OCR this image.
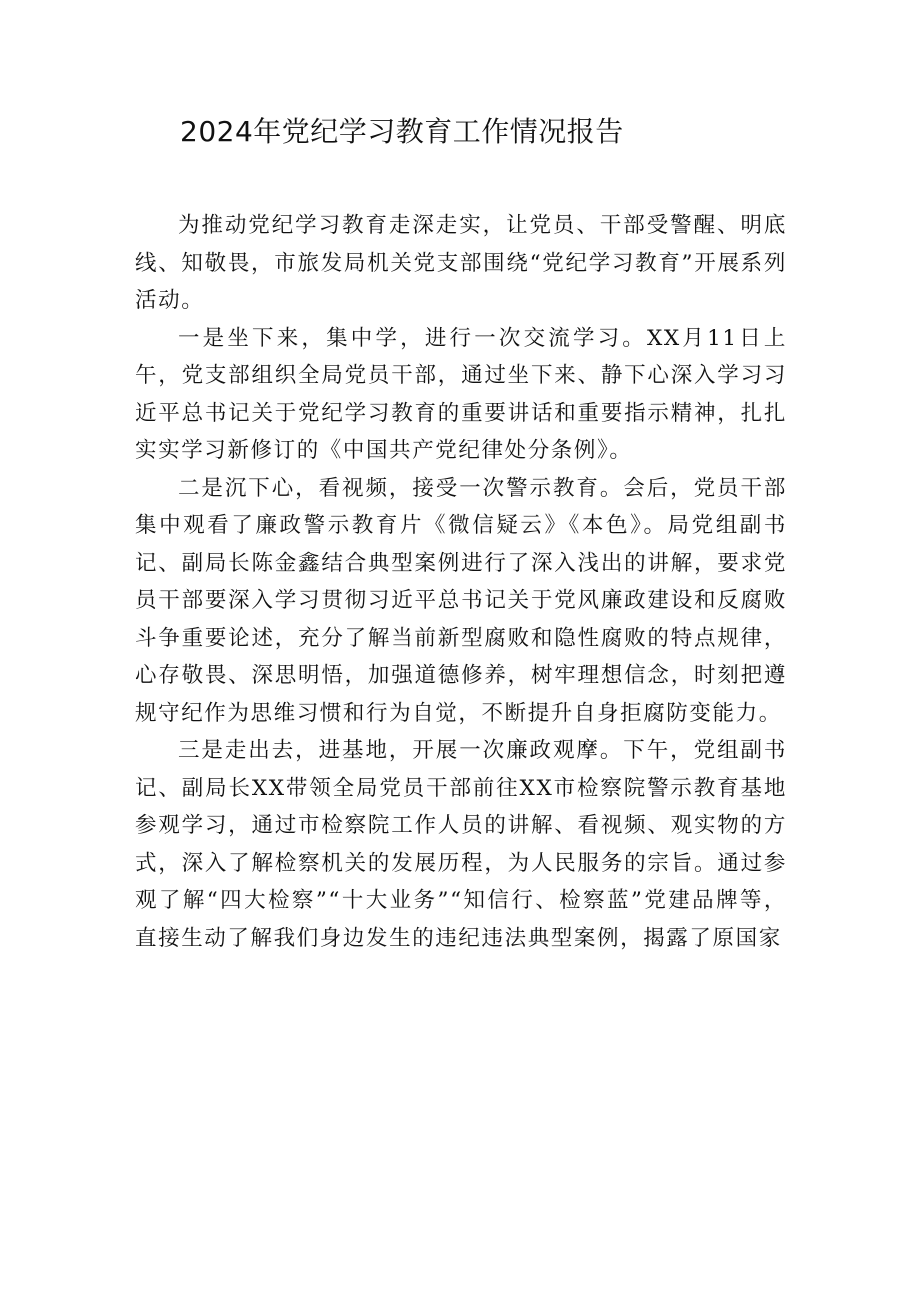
2024年党纪学习教育工作情况报告

为推动党纪学习教育走深走实，让党员、干部受警醒、明底线、知敬畏，市旅发局机关党支部围绕“党纪学习教育”开展系列活动。

一是坐下来，集中学，进行一次交流学习。XX月11日上午，党支部组织全局党员干部，通过坐下来、静下心深入学习习近平总书记关于党纪学习教育的重要讲话和重要指示精神，扎扎实实学习新修订的《中国共产党纪律处分条例》。

二是沉下心，看视频，接受一次警示教育。会后，党员干部集中观看了廉政警示教育片《微信疑云》《本色》。局党组副书记、副局长陈金鑫结合典型案例进行了深入浅出的讲解，要求党员干部要深入学习贯彻习近平总书记关于党风廉政建设和反腐败斗争重要论述，充分了解当前新型腐败和隐性腐败的特点规律，心存敬畏、深思明悟，加强道德修养，树牢理想信念，时刻把遵规守纪作为思维习惯和行为自觉，不断提升自身拒腐防变能力。

三是走出去，进基地，开展一次廉政观摩。下午，党组副书记、副局长XX带领全局党员干部前往XX市检察院警示教育基地参观学习，通过市检察院工作人员的讲解、看视频、观实物的方式，深入了解检察机关的发展历程，为人民服务的宗旨。通过参观了解“四大检察”“十大业务”“知信行、检察蓝”党建品牌等，直接生动了解我们身边发生的违纪违法典型案例，揭露了原国家
